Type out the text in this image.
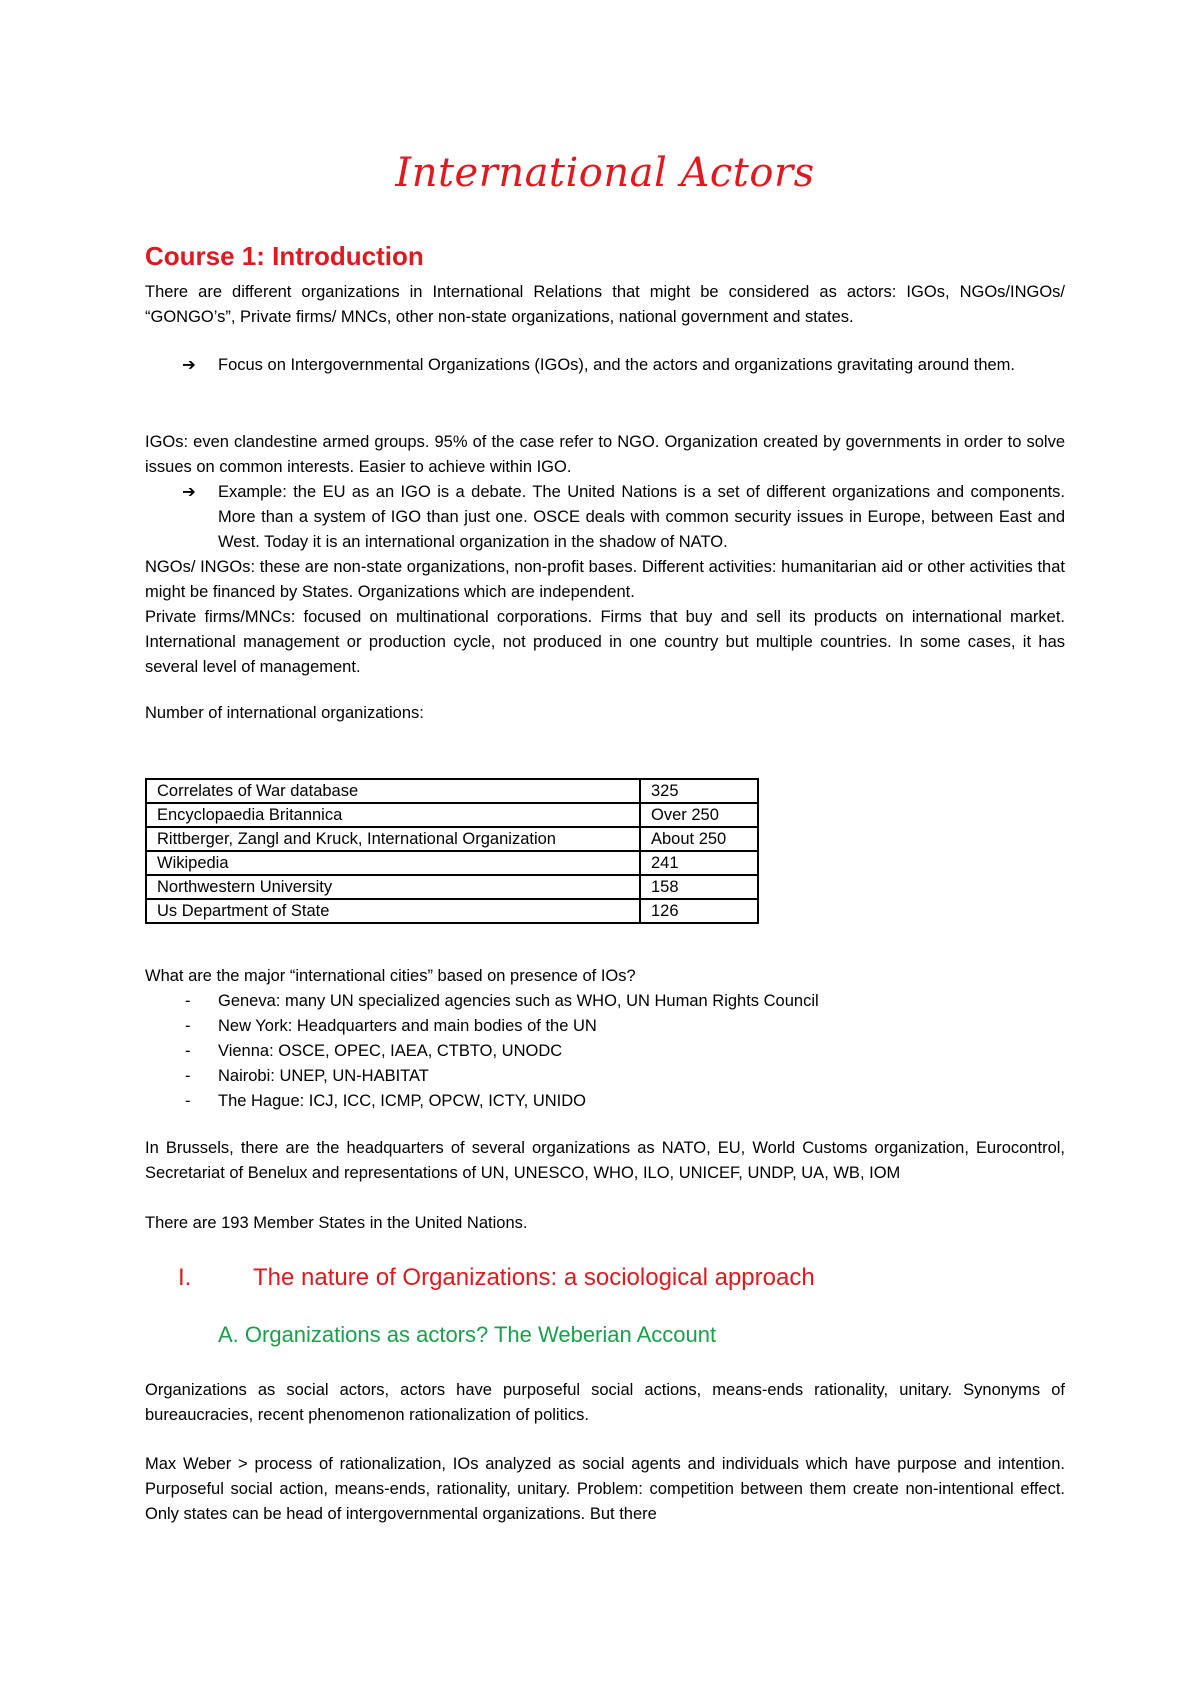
International Actors
Course 1: Introduction
There are different organizations in International Relations that might be considered as actors: IGOs, NGOs/INGOs/ “GONGO’s”, Private firms/ MNCs, other non-state organizations, national government and states.
➔ Focus on Intergovernmental Organizations (IGOs), and the actors and organizations gravitating around them.
IGOs: even clandestine armed groups. 95% of the case refer to NGO. Organization created by governments in order to solve issues on common interests. Easier to achieve within IGO.
➔ Example: the EU as an IGO is a debate. The United Nations is a set of different organizations and components. More than a system of IGO than just one. OSCE deals with common security issues in Europe, between East and West. Today it is an international organization in the shadow of NATO.
NGOs/ INGOs: these are non-state organizations, non-profit bases. Different activities: humanitarian aid or other activities that might be financed by States. Organizations which are independent.
Private firms/MNCs: focused on multinational corporations. Firms that buy and sell its products on international market. International management or production cycle, not produced in one country but multiple countries. In some cases, it has several level of management.
Number of international organizations:
Correlates of War database	325
Encyclopaedia Britannica	Over 250
Rittberger, Zangl and Kruck, International Organization	About 250
Wikipedia	241
Northwestern University	158
Us Department of State	126
What are the major “international cities” based on presence of IOs?
- Geneva: many UN specialized agencies such as WHO, UN Human Rights Council
- New York: Headquarters and main bodies of the UN
- Vienna: OSCE, OPEC, IAEA, CTBTO, UNODC
- Nairobi: UNEP, UN-HABITAT
- The Hague: ICJ, ICC, ICMP, OPCW, ICTY, UNIDO
In Brussels, there are the headquarters of several organizations as NATO, EU, World Customs organization, Eurocontrol, Secretariat of Benelux and representations of UN, UNESCO, WHO, ILO, UNICEF, UNDP, UA, WB, IOM
There are 193 Member States in the United Nations.
I.	The nature of Organizations: a sociological approach
A. Organizations as actors? The Weberian Account
Organizations as social actors, actors have purposeful social actions, means-ends rationality, unitary. Synonyms of bureaucracies, recent phenomenon rationalization of politics.
Max Weber > process of rationalization, IOs analyzed as social agents and individuals which have purpose and intention. Purposeful social action, means-ends, rationality, unitary. Problem: competition between them create non-intentional effect. Only states can be head of intergovernmental organizations. But there
